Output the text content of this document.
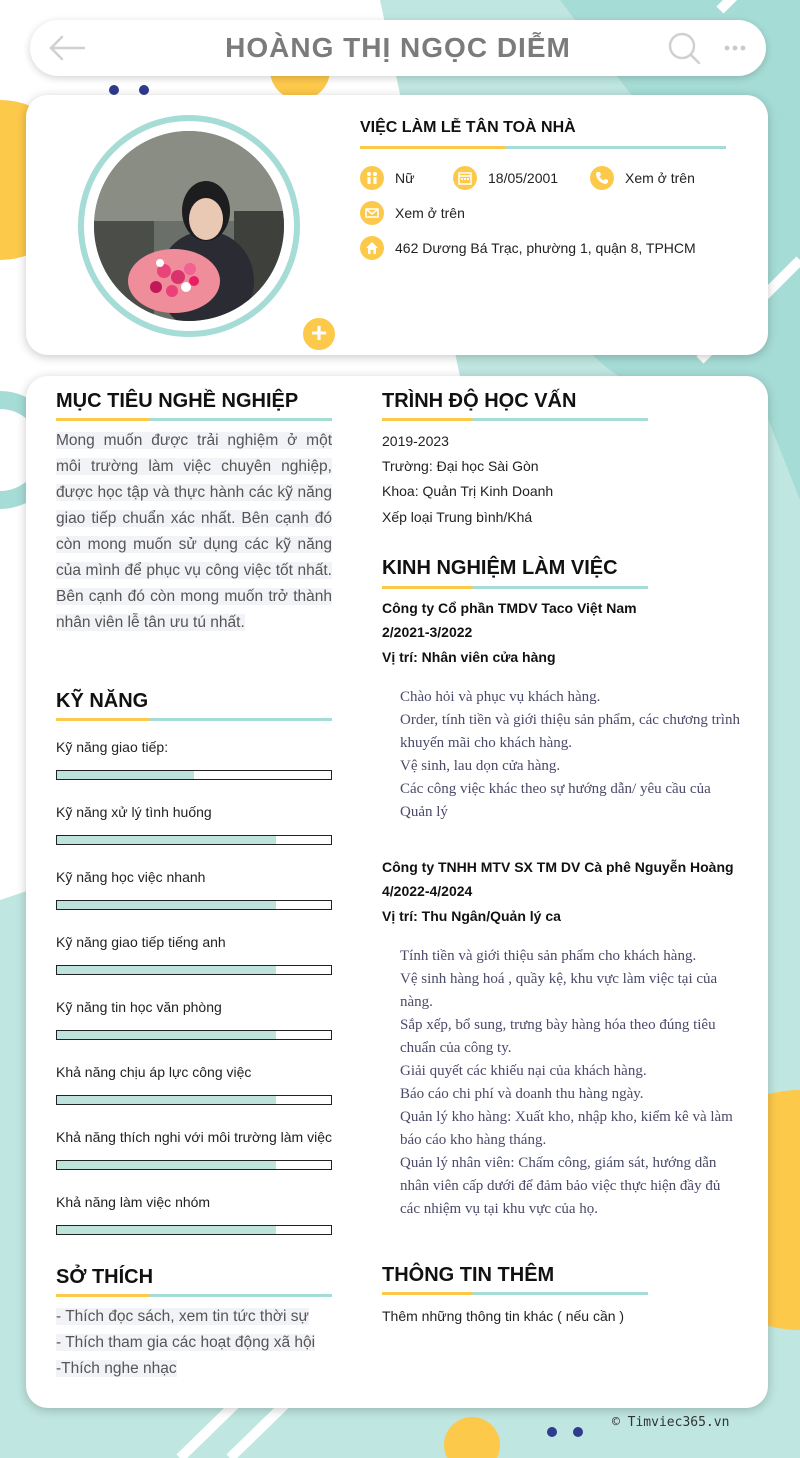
HOÀNG THỊ NGỌC DIỄM
+
VIỆC LÀM LỄ TÂN TOÀ NHÀ
Nữ	18/05/2001	Xem ở trên
Xem ở trên
462 Dương Bá Trạc, phường 1, quận 8, TPHCM
MỤC TIÊU NGHỀ NGHIỆP
Mong muốn được trải nghiệm ở một môi trường làm việc chuyên nghiệp, được học tập và thực hành các kỹ năng giao tiếp chuẩn xác nhất. Bên cạnh đó còn mong muốn sử dụng các kỹ năng của mình để phục vụ công việc tốt nhất. Bên cạnh đó còn mong muốn trở thành nhân viên lễ tân ưu tú nhất.
KỸ NĂNG
Kỹ năng giao tiếp:
Kỹ năng xử lý tình huống
Kỹ năng học việc nhanh
Kỹ năng giao tiếp tiếng anh
Kỹ năng tin học văn phòng
Khả năng chịu áp lực công việc
Khả năng thích nghi với môi trường làm việc
Khả năng làm việc nhóm
SỞ THÍCH
- Thích đọc sách, xem tin tức thời sự
- Thích tham gia các hoạt động xã hội
-Thích nghe nhạc
TRÌNH ĐỘ HỌC VẤN
2019-2023
Trường: Đại học Sài Gòn
Khoa: Quản Trị Kinh Doanh
Xếp loại Trung bình/Khá
KINH NGHIỆM LÀM VIỆC
Công ty Cổ phần TMDV Taco Việt Nam
2/2021-3/2022
Vị trí: Nhân viên cửa hàng
Chào hỏi và phục vụ khách hàng.
Order, tính tiền và giới thiệu sản phẩm, các chương trình khuyến mãi cho khách hàng.
Vệ sinh, lau dọn cửa hàng.
Các công việc khác theo sự hướng dẫn/ yêu cầu của Quản lý
Công ty TNHH MTV SX TM DV Cà phê Nguyễn Hoàng
4/2022-4/2024
Vị trí: Thu Ngân/Quản lý ca
Tính tiền và giới thiệu sản phẩm cho khách hàng.
Vệ sinh hàng hoá , quầy kệ, khu vực làm việc tại của nàng.
Sắp xếp, bổ sung, trưng bày hàng hóa theo đúng tiêu chuẩn của công ty.
Giải quyết các khiếu nại của khách hàng.
Báo cáo chi phí và doanh thu hàng ngày.
Quản lý kho hàng: Xuất kho, nhập kho, kiểm kê và làm báo cáo kho hàng tháng.
Quản lý nhân viên: Chấm công, giám sát, hướng dẫn nhân viên cấp dưới để đảm bảo việc thực hiện đầy đủ các nhiệm vụ tại khu vực của họ.
THÔNG TIN THÊM
Thêm những thông tin khác ( nếu cần )
© Timviec365.vn
